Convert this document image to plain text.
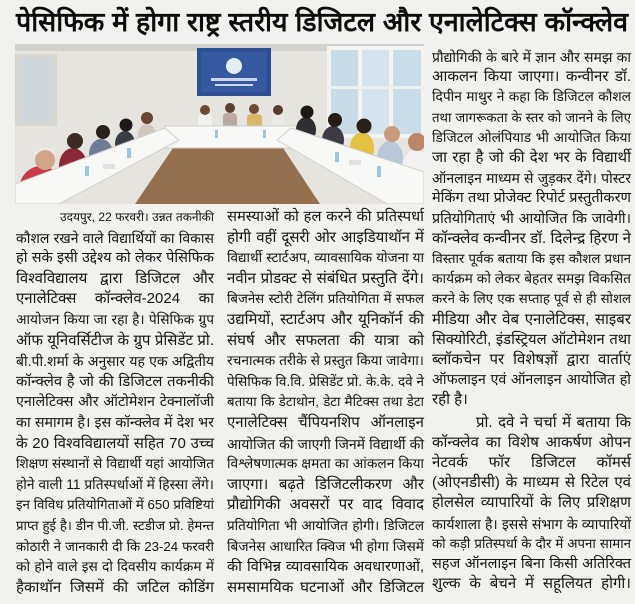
पेसिफिक में होगा राष्ट्र स्तरीय डिजिटल और एनालेटिक्स कॉन्क्लेव
उदयपुर, 22 फरवरी। उन्नत तकनीकी
कौशल रखने वाले विद्यार्थियों का विकास
हो सके इसी उद्देश्य को लेकर पेसिफिक
विश्वविद्यालय द्वारा डिजिटल और
एनालेटिक्स कॉन्क्लेव-2024 का
आयोजन किया जा रहा है। पेसिफिक ग्रुप
ऑफ यूनिवर्सिटीज के ग्रुप प्रेसिडेंट प्रो.
बी.पी.शर्मा के अनुसार यह एक अद्वितीय
कॉन्क्लेव है जो की डिजिटल तकनीकी
एनालेटिक्स और ऑटोमेशन टेक्नालॉजी
का समागम है। इस कॉन्क्लेव में देश भर
के 20 विश्वविद्यालयों सहित 70 उच्च
शिक्षण संस्थानों से विद्यार्थी यहां आयोजित
होने वाली 11 प्रतिस्पर्धाओं में हिस्सा लेंगे।
इन विविध प्रतियोगिताओं में 650 प्रविष्टियां
प्राप्त हुई है। डीन पी.जी. स्टडीज प्रो. हेमन्त
कोठारी ने जानकारी दी कि 23-24 फरवरी
को होने वाले इस दो दिवसीय कार्यक्रम में
हैकाथॉन जिसमें की जटिल कोडिंग
समस्याओं को हल करने की प्रतिस्पर्धा
होगी वहीं दूसरी ओर आइडियाथॉन में
विद्यार्थी स्टार्टअप, व्यावसायिक योजना या
नवीन प्रोडक्ट से संबंधित प्रस्तुति देंगे।
बिजनेस स्टोरी टेलिंग प्रतियोगिता में सफल
उद्यमियों, स्टार्टअप और यूनिकॉर्न की
संघर्ष और सफलता की यात्रा को
रचनात्मक तरीके से प्रस्तुत किया जावेगा।
पेसिफिक वि.वि. प्रेसिडेंट प्रो. के.के. दवे ने
बताया कि डेटाथोन, डेटा मैटिक्स तथा डेटा
एनालेटिक्स चैंपियनशिप ऑनलाइन
आयोजित की जाएगी जिनमें विद्यार्थी की
विश्लेषणात्मक क्षमता का आंकलन किया
जाएगा। बढ़ते डिजिटलीकरण और
प्रौद्योगिकी अवसरों पर वाद विवाद
प्रतियोगिता भी आयोजित होगी। डिजिटल
बिजनेस आधारित क्विज भी होगा जिसमें
की विभिन्न व्यावसायिक अवधारणाओं,
समसामयिक घटनाओं और डिजिटल
प्रौद्योगिकी के बारे में ज्ञान और समझ का
आकलन किया जाएगा। कन्वीनर डॉ.
दिपीन माथुर ने कहा कि डिजिटल कौशल
तथा जागरूकता के स्तर को जानने के लिए
डिजिटल ओलंपियाड भी आयोजित किया
जा रहा है जो की देश भर के विद्यार्थी
ऑनलाइन माध्यम से जुड़कर देंगे। पोस्टर
मेकिंग तथा प्रोजेक्ट रिपोर्ट प्रस्तुतीकरण
प्रतियोगिताएं भी आयोजित कि जावेगी।
कॉन्क्लेव कन्वीनर डॉ. दिलेन्द्र हिरण ने
विस्तार पूर्वक बताया कि इस कौशल प्रधान
कार्यक्रम को लेकर बेहतर समझ विकसित
करने के लिए एक सप्ताह पूर्व से ही सोशल
मीडिया और वेब एनालेटिक्स, साइबर
सिक्योरिटी, इंडस्ट्रियल ऑटोमेशन तथा
ब्लॉकचेन पर विशेषज्ञों द्वारा वार्ताएं
ऑफलाइन एवं ऑनलाइन आयोजित हो
रही है।
प्रो. दवे ने चर्चा में बताया कि
कॉन्क्लेव का विशेष आकर्षण ओपन
नेटवर्क फॉर डिजिटल कॉमर्स
(ओएनडीसी) के माध्यम से रिटेल एवं
होलसेल व्यापारियों के लिए प्रशिक्षण
कार्यशाला है। इससे संभाग के व्यापारियों
को कड़ी प्रतिस्पर्धा के दौर में अपना सामान
सहज ऑनलाइन बिना किसी अतिरिक्त
शुल्क के बेचने में सहूलियत होगी।
